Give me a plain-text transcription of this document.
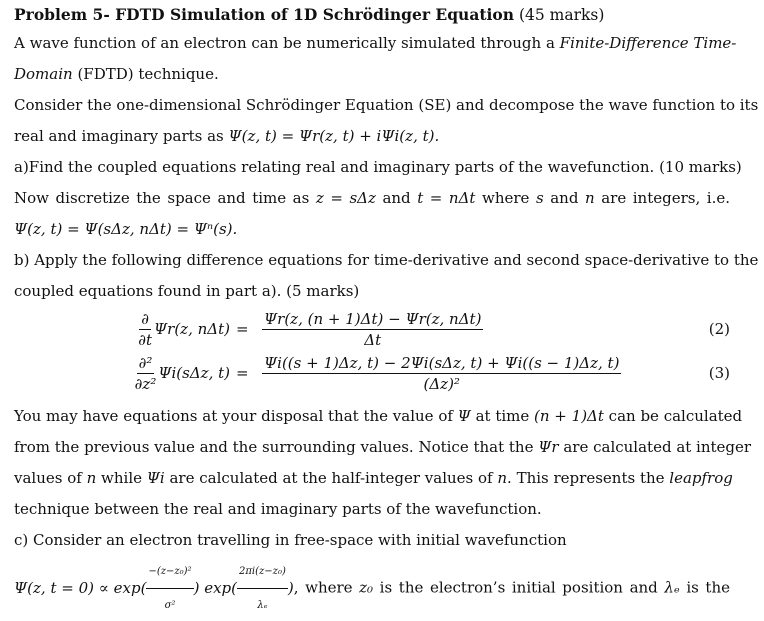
Problem 5- FDTD Simulation of 1D Schrödinger Equation (45 marks)
A wave function of an electron can be numerically simulated through a Finite-Difference Time-
Domain (FDTD) technique.
Consider the one-dimensional Schrödinger Equation (SE) and decompose the wave function to its
real and imaginary parts as Ψ(z, t) = Ψr(z, t) + iΨi(z, t).
a)Find the coupled equations relating real and imaginary parts of the wavefunction. (10 marks)
Now discretize the space and time as z = sΔz and t = nΔt where s and n are integers, i.e.
Ψ(z, t) = Ψ(sΔz, nΔt) = Ψⁿ(s).
b) Apply the following difference equations for time-derivative and second space-derivative to the
coupled equations found in part a). (5 marks)
$\frac{\partial}{\partial t} \Psi r(z$, $n\Delta t) = \frac{\text{Ψr(z, (n + 1)Δt) − Ψr(z, nΔt)}}{\Delta t}$	(2)
$\frac{\text{∂²}}{\text{∂z²}} \Psi i(s\Delta z$, $t) = \frac{\text{Ψi((s + 1)Δz, t) − 2Ψi(sΔz, t) + Ψi((s − 1)Δz, t)}}{\text{(Δz)²}}$	(3)
You may have equations at your disposal that the value of Ψ at time (n + 1)Δt can be calculated
from the previous value and the surrounding values. Notice that the Ψr are calculated at integer
values of n while Ψi are calculated at the half-integer values of n. This represents the leapfrog
technique between the real and imaginary parts of the wavefunction.
c) Consider an electron travelling in free-space with initial wavefunction
Ψ(z, $t = 0) \propto \exp( \frac{\text{−(z−z₀)²}}{\text{σ²}}$ ) $\exp( \frac{\text{2πi(z−z₀)}}{\text{λₑ}}$ ) , where z₀ is the electron’s initial position and λₑ is the
